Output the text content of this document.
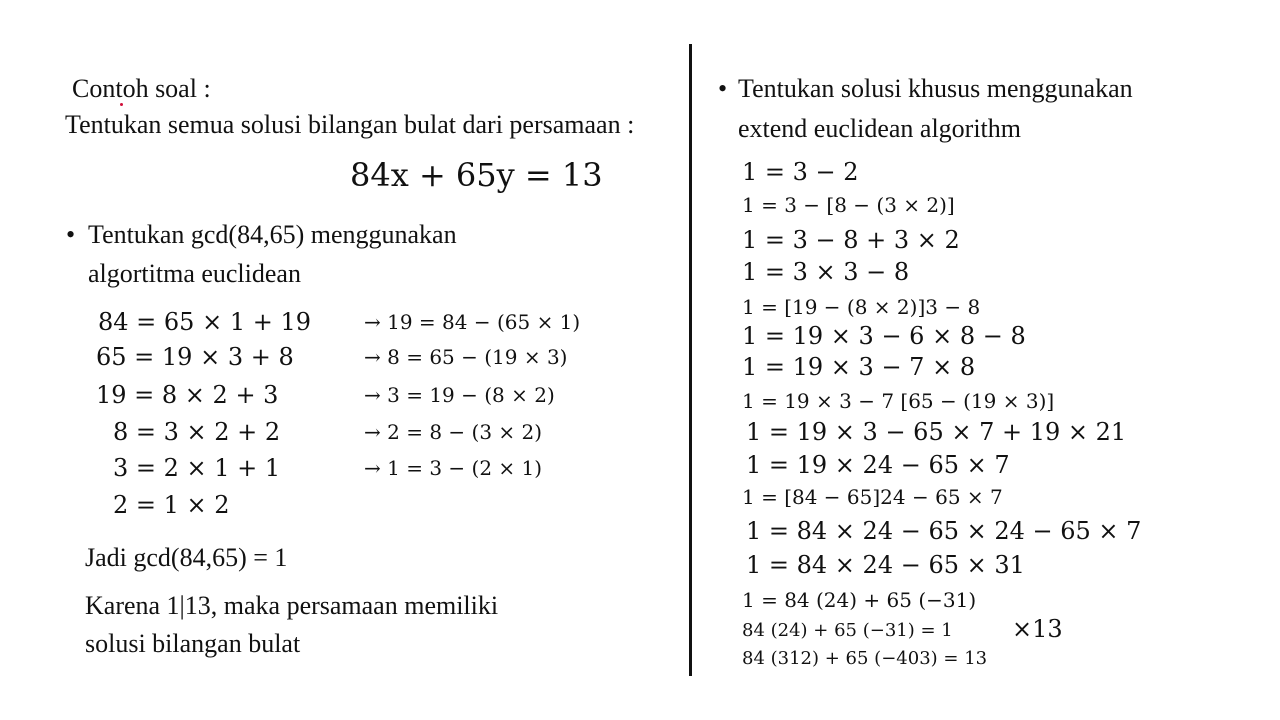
Contoh soal :
Tentukan semua solusi bilangan bulat dari persamaan :
84x + 65y = 13
• Tentukan gcd(84,65) menggunakan
algortitma euclidean
84 = 65 × 1 + 19	→ 19 = 84 − (65 × 1)
65 = 19 × 3 + 8	→ 8 = 65 − (19 × 3)
19 = 8 × 2 + 3	→ 3 = 19 − (8 × 2)
8 = 3 × 2 + 2	→ 2 = 8 − (3 × 2)
3 = 2 × 1 + 1	→ 1 = 3 − (2 × 1)
2 = 1 × 2
Jadi gcd(84,65) = 1
Karena 1|13, maka persamaan memiliki
solusi bilangan bulat
• Tentukan solusi khusus menggunakan
extend euclidean algorithm
1 = 3 − 2
1 = 3 − [8 − (3 × 2)]
1 = 3 − 8 + 3 × 2
1 = 3 × 3 − 8
1 = [19 − (8 × 2)]3 − 8
1 = 19 × 3 − 6 × 8 − 8
1 = 19 × 3 − 7 × 8
1 = 19 × 3 − 7 [65 − (19 × 3)]
1 = 19 × 3 − 65 × 7 + 19 × 21
1 = 19 × 24 − 65 × 7
1 = [84 − 65]24 − 65 × 7
1 = 84 × 24 − 65 × 24 − 65 × 7
1 = 84 × 24 − 65 × 31
1 = 84 (24) + 65 (−31)
84 (24) + 65 (−31) = 1 ×13
84 (312) + 65 (−403) = 13
